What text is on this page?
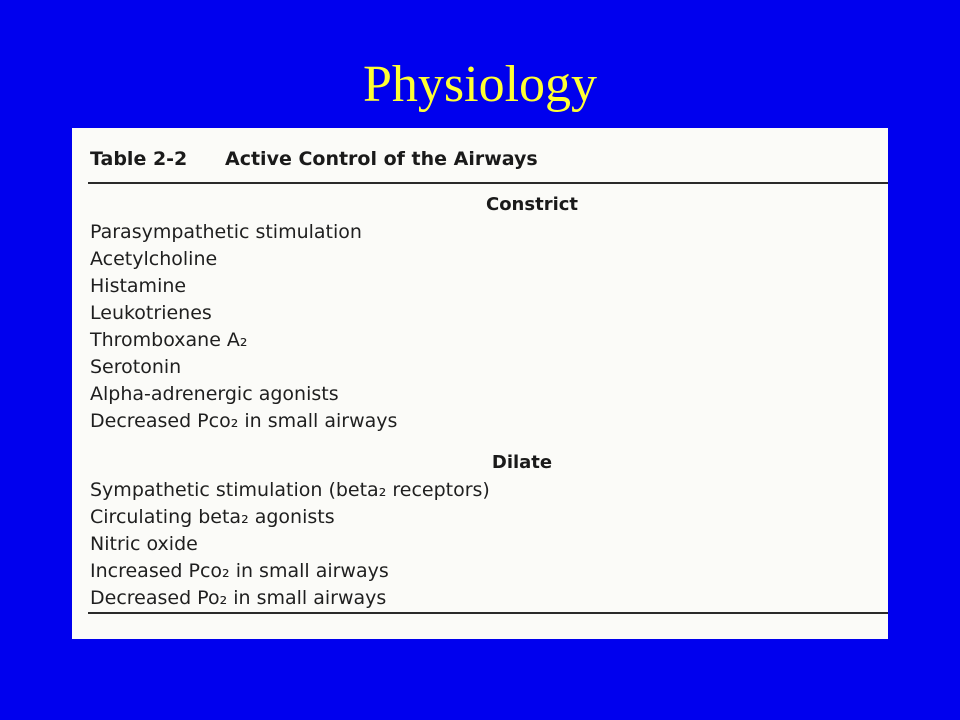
Physiology
Table 2-2 Active Control of the Airways
Constrict
Parasympathetic stimulation
Acetylcholine
Histamine
Leukotrienes
Thromboxane A₂
Serotonin
Alpha-adrenergic agonists
Decreased Pco₂ in small airways
Dilate
Sympathetic stimulation (beta₂ receptors)
Circulating beta₂ agonists
Nitric oxide
Increased Pco₂ in small airways
Decreased Po₂ in small airways
